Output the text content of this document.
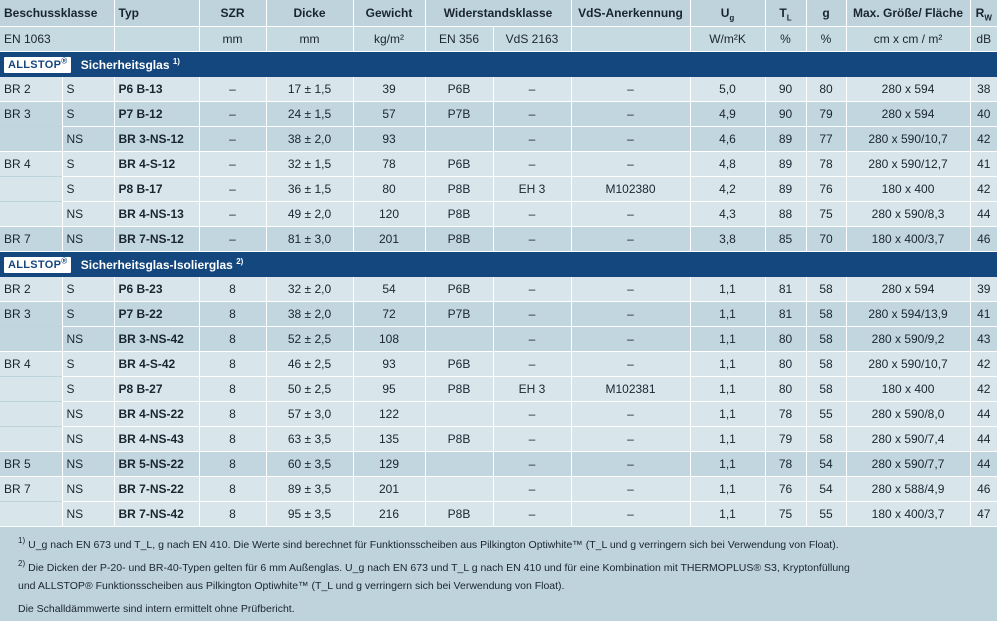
Beschussklasse		Typ	SZR	Dicke	Gewicht	Widerstandsklasse		VdS-Anerkennung	$U_g$	$T_L$	g	Max. Größe/ Fläche	$R_W$
EN 1063			mm	mm	kg/m²	EN 356	VdS 2163		W/m²K	%	%	cm x cm / m²	dB
ALLSTOP® Sicherheitsglas $^{1)}$
BR 2	S	P6 B-13	–	17 ± 1,5	39	P6B	–	–	5,0	90	80	280 x 594	38
BR 3	S	P7 B-12	–	24 ± 1,5	57	P7B	–	–	4,9	90	79	280 x 594	40
	NS	BR 3-NS-12	–	38 ± 2,0	93		–	–	4,6	89	77	280 x 590/10,7	42
BR 4	S	BR 4-S-12	–	32 ± 1,5	78	P6B	–	–	4,8	89	78	280 x 590/12,7	41
	S	P8 B-17	–	36 ± 1,5	80	P8B	EH 3	M102380	4,2	89	76	180 x 400	42
	NS	BR 4-NS-13	–	49 ± 2,0	120	P8B	–	–	4,3	88	75	280 x 590/8,3	44
BR 7	NS	BR 7-NS-12	–	81 ± 3,0	201	P8B	–	–	3,8	85	70	180 x 400/3,7	46
ALLSTOP® Sicherheitsglas-Isolierglas $^{2)}$
BR 2	S	P6 B-23	8	32 ± 2,0	54	P6B	–	–	1,1	81	58	280 x 594	39
BR 3	S	P7 B-22	8	38 ± 2,0	72	P7B	–	–	1,1	81	58	280 x 594/13,9	41
	NS	BR 3-NS-42	8	52 ± 2,5	108		–	–	1,1	80	58	280 x 590/9,2	43
BR 4	S	BR 4-S-42	8	46 ± 2,5	93	P6B	–	–	1,1	80	58	280 x 590/10,7	42
	S	P8 B-27	8	50 ± 2,5	95	P8B	EH 3	M102381	1,1	80	58	180 x 400	42
	NS	BR 4-NS-22	8	57 ± 3,0	122		–	–	1,1	78	55	280 x 590/8,0	44
	NS	BR 4-NS-43	8	63 ± 3,5	135	P8B	–	–	1,1	79	58	280 x 590/7,4	44
BR 5	NS	BR 5-NS-22	8	60 ± 3,5	129		–	–	1,1	78	54	280 x 590/7,7	44
BR 7	NS	BR 7-NS-22	8	89 ± 3,5	201		–	–	1,1	76	54	280 x 588/4,9	46
	NS	BR 7-NS-42	8	95 ± 3,5	216	P8B	–	–	1,1	75	55	180 x 400/3,7	47
$^{1)}$ U_g nach EN 673 und T_L, g nach EN 410. Die Werte sind berechnet für Funktionsscheiben aus Pilkington Optiwhite™ (T_L und g verringern sich bei Verwendung von Float).
$^{2)}$ Die Dicken der P-20- und BR-40-Typen gelten für 6 mm Außenglas. U_g nach EN 673 und T_L g nach EN 410 und für eine Kombination mit THERMOPLUS® S3, Kryptonfüllung
und ALLSTOP® Funktionsscheiben aus Pilkington Optiwhite™ (T_L und g verringern sich bei Verwendung von Float).
Die Schalldämmwerte sind intern ermittelt ohne Prüfbericht.
